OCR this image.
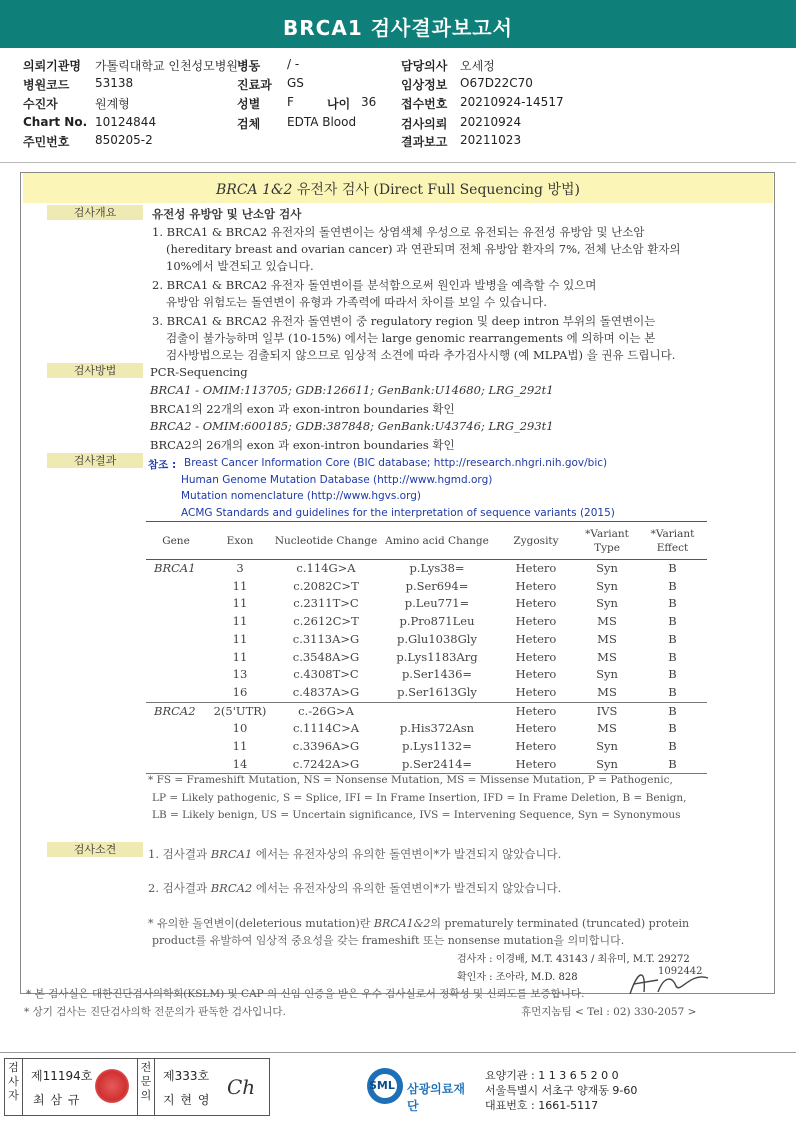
BRCA1 검사결과보고서
의뢰기관명 가톨릭대학교 인천성모병원
병원코드 53138
수진자	원계형
Chart No. 10124844
주민번호 850205-2
병동 / -
진료과 GS
성별 F	나이 36
검체 EDTA Blood
담당의사 오세정
임상정보 O67D22C70
접수번호 20210924-14517
검사의뢰 20210924
결과보고 20211023
BRCA 1&2 유전자 검사 (Direct Full Sequencing 방법)
검사개요	유전성 유방암 및 난소암 검사
1. BRCA1 & BRCA2 유전자의 돌연변이는 상염색체 우성으로 유전되는 유전성 유방암 및 난소암
(hereditary breast and ovarian cancer) 과 연관되며 전체 유방암 환자의 7%, 전체 난소암 환자의
10%에서 발견되고 있습니다.
2. BRCA1 & BRCA2 유전자 돌연변이를 분석함으로써 원인과 발병을 예측할 수 있으며
유방암 위험도는 돌연변이 유형과 가족력에 따라서 차이를 보일 수 있습니다.
3. BRCA1 & BRCA2 유전자 돌연변이 중 regulatory region 및 deep intron 부위의 돌연변이는
검출이 불가능하며 일부 (10-15%) 에서는 large genomic rearrangements 에 의하며 이는 본
검사방법으로는 검출되지 않으므로 임상적 소견에 따라 추가검사시행 (예 MLPA법) 을 권유 드립니다.
검사방법	PCR-Sequencing
BRCA1 - OMIM:113705; GDB:126611; GenBank:U14680; LRG_292t1
BRCA1의 22개의 exon 과 exon-intron boundaries 확인
BRCA2 - OMIM:600185; GDB:387848; GenBank:U43746; LRG_293t1
BRCA2의 26개의 exon 과 exon-intron boundaries 확인
검사결과	참조 : Breast Cancer Information Core (BIC database; http://research.nhgri.nih.gov/bic)
Human Genome Mutation Database (http://www.hgmd.org)
Mutation nomenclature (http://www.hgvs.org)
ACMG Standards and guidelines for the interpretation of sequence variants (2015)
Gene	Exon	Nucleotide Change	Amino acid Change	Zygosity	*Variant Type	*Variant Effect
BRCA1	3	c.114G>A	p.Lys38=	Hetero	Syn	B
	11	c.2082C>T	p.Ser694=	Hetero	Syn	B
	11	c.2311T>C	p.Leu771=	Hetero	Syn	B
	11	c.2612C>T	p.Pro871Leu	Hetero	MS	B
	11	c.3113A>G	p.Glu1038Gly	Hetero	MS	B
	11	c.3548A>G	p.Lys1183Arg	Hetero	MS	B
	13	c.4308T>C	p.Ser1436=	Hetero	Syn	B
	16	c.4837A>G	p.Ser1613Gly	Hetero	MS	B
BRCA2	2(5'UTR)	c.-26G>A		Hetero	IVS	B
	10	c.1114C>A	p.His372Asn	Hetero	MS	B
	11	c.3396A>G	p.Lys1132=	Hetero	Syn	B
	14	c.7242A>G	p.Ser2414=	Hetero	Syn	B
* FS = Frameshift Mutation, NS = Nonsense Mutation, MS = Missense Mutation, P = Pathogenic,
LP = Likely pathogenic, S = Splice, IFI = In Frame Insertion, IFD = In Frame Deletion, B = Benign,
LB = Likely benign, US = Uncertain significance, IVS = Intervening Sequence, Syn = Synonymous
검사소견	1. 검사결과 BRCA1 에서는 유전자상의 유의한 돌연변이*가 발견되지 않았습니다.
2. 검사결과 BRCA2 에서는 유전자상의 유의한 돌연변이*가 발견되지 않았습니다.
* 유의한 돌연변이(deleterious mutation)란 BRCA1&2의 prematurely terminated (truncated) protein
product를 유발하여 임상적 중요성을 갖는 frameshift 또는 nonsense mutation을 의미합니다.
검사자 : 이경배, M.T. 43143 / 최유미, M.T. 29272
확인자 : 조아라, M.D. 828
* 본 검사실은 대한진단검사의학회(KSLM) 및 CAP 의 신임 인증을 받은 우수 검사실로서 정확성 및 신뢰도를 보증합니다.
1092442
* 상기 검사는 진단검사의학 전문의가 판독한 검사입니다.	휴먼지놈팀 < Tel : 02) 330-2057 >
검사자
제11194호
최 삼 규
전문의
제333호
지 현 영
Ch	SML 삼광의료재단
요양기관 : 1 1 3 6 5 2 0 0
서울특별시 서초구 양재동 9-60
대표번호 : 1661-5117
